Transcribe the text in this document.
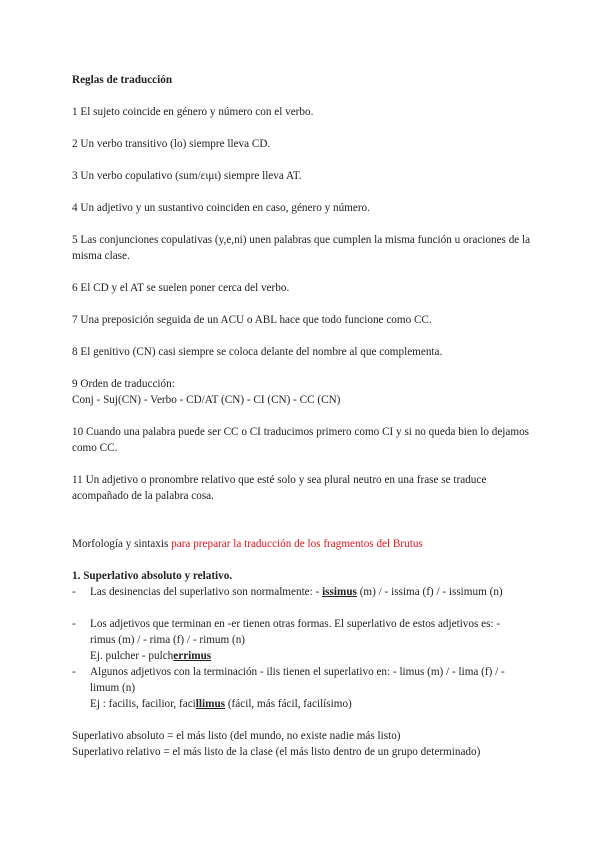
Reglas de traducción

1 El sujeto coincide en género y número con el verbo.

2 Un verbo transitivo (lo) siempre lleva CD.

3 Un verbo copulativo (sum/ειμι) siempre lleva AT.

4 Un adjetivo y un sustantivo coinciden en caso, género y número.

5 Las conjunciones copulativas (y,e,ni) unen palabras que cumplen la misma función u oraciones de la misma clase.

6 El CD y el AT se suelen poner cerca del verbo.

7 Una preposición seguida de un ACU o ABL hace que todo funcione como CC.

8 El genitivo (CN) casi siempre se coloca delante del nombre al que complementa.

9 Orden de traducción:

Conj - Suj(CN) - Verbo - CD/AT (CN) - CI (CN) - CC (CN)

10 Cuando una palabra puede ser CC o CI traducimos primero como CI y si no queda bien lo dejamos como CC.

11 Un adjetivo o pronombre relativo que esté solo y sea plural neutro en una frase se traduce acompañado de la palabra cosa.

Morfología y sintaxis para preparar la traducción de los fragmentos del Brutus

1. Superlativo absoluto y relativo.

- Las desinencias del superlativo son normalmente: - issimus (m) / - issima (f) / - issimum (n)
- Los adjetivos que terminan en -er tienen otras formas. El superlativo de estos adjetivos es: - rimus (m) / - rima (f) / - rimum (n)
Ej. pulcher - pulcherrimus
- Algunos adjetivos con la terminación - ilis tienen el superlativo en: - limus (m) / - lima (f) / - limum (n)
Ej : facilis, facilior, facillimus (fácil, más fácil, facilísimo)

Superlativo absoluto = el más listo (del mundo, no existe nadie más listo)

Superlativo relativo = el más listo de la clase (el más listo dentro de un grupo determinado)
